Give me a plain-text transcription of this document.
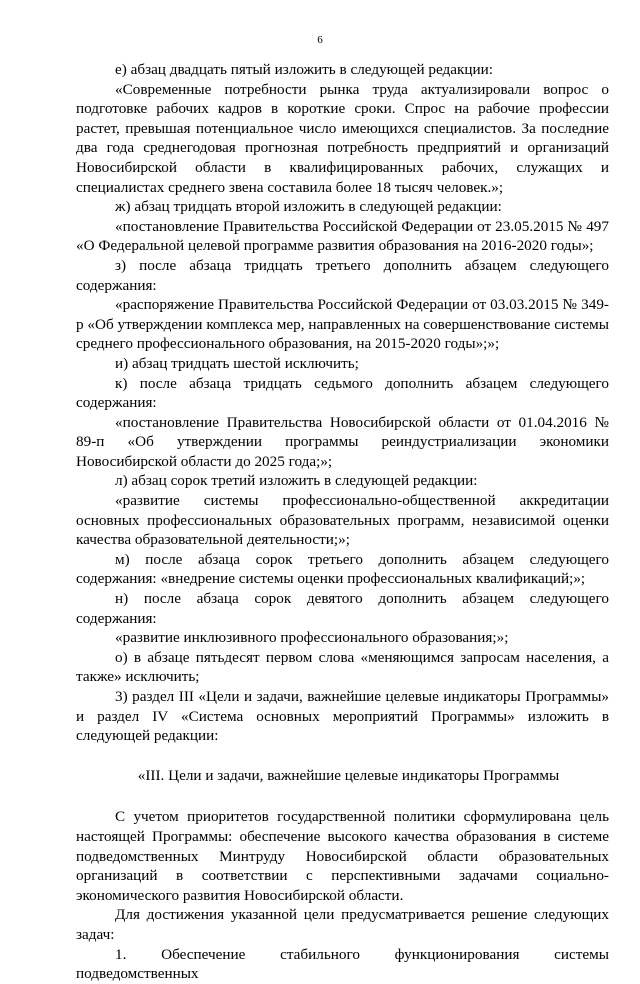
6

е) абзац двадцать пятый изложить в следующей редакции:

«Современные потребности рынка труда актуализировали вопрос о подготовке рабочих кадров в короткие сроки. Спрос на рабочие профессии растет, превышая потенциальное число имеющихся специалистов. За последние два года среднегодовая прогнозная потребность предприятий и организаций Новосибирской области в квалифицированных рабочих, служащих и специалистах среднего звена составила более 18 тысяч человек.»;

ж) абзац тридцать второй изложить в следующей редакции:

«постановление Правительства Российской Федерации от 23.05.2015 № 497 «О Федеральной целевой программе развития образования на 2016-2020 годы»;

з) после абзаца тридцать третьего дополнить абзацем следующего содержания:

«распоряжение Правительства Российской Федерации от 03.03.2015 № 349-р «Об утверждении комплекса мер, направленных на совершенствование системы среднего профессионального образования, на 2015-2020 годы»;»;

и) абзац тридцать шестой исключить;

к) после абзаца тридцать седьмого дополнить абзацем следующего содержания:

«постановление Правительства Новосибирской области от 01.04.2016 № 89-п «Об утверждении программы реиндустриализации экономики Новосибирской области до 2025 года;»;

л) абзац сорок третий изложить в следующей редакции:

«развитие системы профессионально-общественной аккредитации основных профессиональных образовательных программ, независимой оценки качества образовательной деятельности;»;

м) после абзаца сорок третьего дополнить абзацем следующего содержания: «внедрение системы оценки профессиональных квалификаций;»;

н) после абзаца сорок девятого дополнить абзацем следующего содержания:

«развитие инклюзивного профессионального образования;»;

о) в абзаце пятьдесят первом слова «меняющимся запросам населения, а также» исключить;

3) раздел III «Цели и задачи, важнейшие целевые индикаторы Программы» и раздел IV «Система основных мероприятий Программы» изложить в следующей редакции:

«III. Цели и задачи, важнейшие целевые индикаторы Программы

С учетом приоритетов государственной политики сформулирована цель настоящей Программы: обеспечение высокого качества образования в системе подведомственных Минтруду Новосибирской области образовательных организаций в соответствии с перспективными задачами социально-экономического развития Новосибирской области.

Для достижения указанной цели предусматривается решение следующих задач:

1. Обеспечение стабильного функционирования системы подведомственных
